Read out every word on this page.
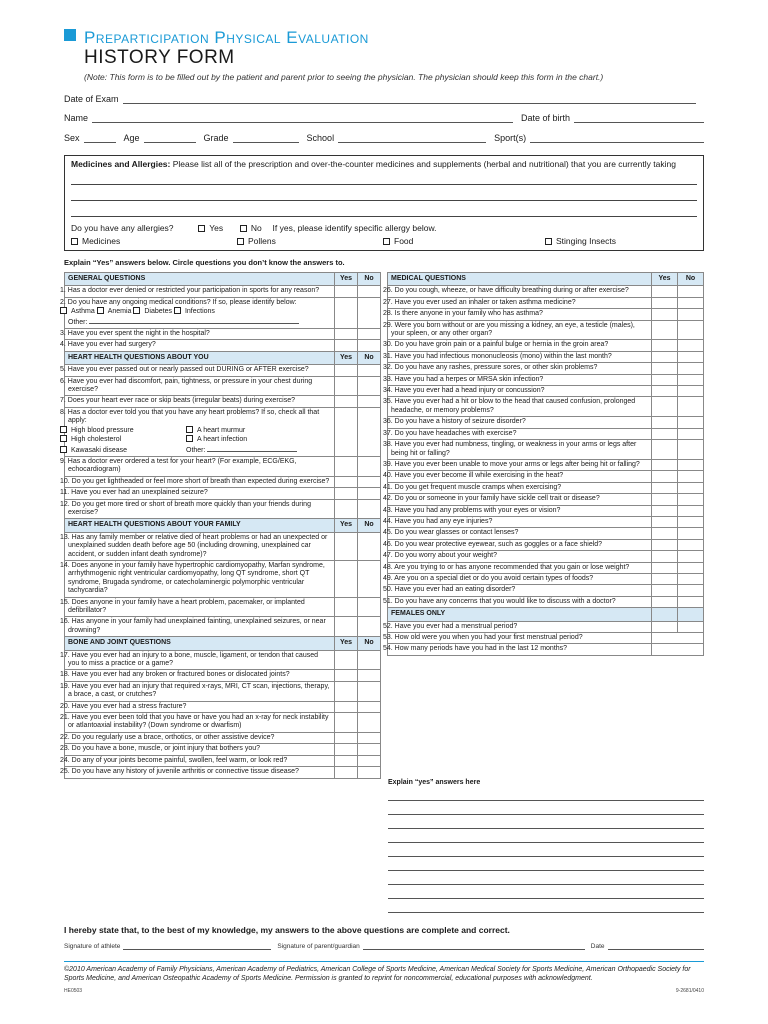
Preparticipation Physical Evaluation
HISTORY FORM
(Note: This form is to be filled out by the patient and parent prior to seeing the physician. The physician should keep this form in the chart.)
Date of Exam
Name	Date of birth
Sex	Age	Grade	School	Sport(s)
Medicines and Allergies: Please list all of the prescription and over-the-counter medicines and supplements (herbal and nutritional) that you are currently taking
Do you have any allergies?	Yes	No If yes, please identify specific allergy below.
Medicines	Pollens	Food	Stinging Insects
Explain “Yes” answers below. Circle questions you don’t know the answers to.
GENERAL QUESTIONS	Yes	No
1. Has a doctor ever denied or restricted your participation in sports for any reason?		
2. Do you have any ongoing medical conditions? If so, please identify below: Asthma Anemia Diabetes Infections
Other:		
3. Have you ever spent the night in the hospital?		
4. Have you ever had surgery?		
HEART HEALTH QUESTIONS ABOUT YOU	Yes	No
5. Have you ever passed out or nearly passed out DURING or AFTER exercise?		
6. Have you ever had discomfort, pain, tightness, or pressure in your chest during exercise?		
7. Does your heart ever race or skip beats (irregular beats) during exercise?		
8. Has a doctor ever told you that you have any heart problems? If so, check all that apply:
High blood pressure A heart murmur
High cholesterol A heart infection
Kawasaki disease Other:		
9. Has a doctor ever ordered a test for your heart? (For example, ECG/EKG, echocardiogram)		
10. Do you get lightheaded or feel more short of breath than expected during exercise?		
11. Have you ever had an unexplained seizure?		
12. Do you get more tired or short of breath more quickly than your friends during exercise?		
HEART HEALTH QUESTIONS ABOUT YOUR FAMILY	Yes	No
13. Has any family member or relative died of heart problems or had an unexpected or unexplained sudden death before age 50 (including drowning, unexplained car accident, or sudden infant death syndrome)?		
14. Does anyone in your family have hypertrophic cardiomyopathy, Marfan syndrome, arrhythmogenic right ventricular cardiomyopathy, long QT syndrome, short QT syndrome, Brugada syndrome, or catecholaminergic polymorphic ventricular tachycardia?		
15. Does anyone in your family have a heart problem, pacemaker, or implanted defibrillator?		
16. Has anyone in your family had unexplained fainting, unexplained seizures, or near drowning?		
BONE AND JOINT QUESTIONS	Yes	No
17. Have you ever had an injury to a bone, muscle, ligament, or tendon that caused you to miss a practice or a game?		
18. Have you ever had any broken or fractured bones or dislocated joints?		
19. Have you ever had an injury that required x-rays, MRI, CT scan, injections, therapy, a brace, a cast, or crutches?		
20. Have you ever had a stress fracture?		
21. Have you ever been told that you have or have you had an x-ray for neck instability or atlantoaxial instability? (Down syndrome or dwarfism)		
22. Do you regularly use a brace, orthotics, or other assistive device?		
23. Do you have a bone, muscle, or joint injury that bothers you?		
24. Do any of your joints become painful, swollen, feel warm, or look red?		
25. Do you have any history of juvenile arthritis or connective tissue disease?		
MEDICAL QUESTIONS	Yes	No
26. Do you cough, wheeze, or have difficulty breathing during or after exercise?		
27. Have you ever used an inhaler or taken asthma medicine?		
28. Is there anyone in your family who has asthma?		
29. Were you born without or are you missing a kidney, an eye, a testicle (males), your spleen, or any other organ?		
30. Do you have groin pain or a painful bulge or hernia in the groin area?		
31. Have you had infectious mononucleosis (mono) within the last month?		
32. Do you have any rashes, pressure sores, or other skin problems?		
33. Have you had a herpes or MRSA skin infection?		
34. Have you ever had a head injury or concussion?		
35. Have you ever had a hit or blow to the head that caused confusion, prolonged headache, or memory problems?		
36. Do you have a history of seizure disorder?		
37. Do you have headaches with exercise?		
38. Have you ever had numbness, tingling, or weakness in your arms or legs after being hit or falling?		
39. Have you ever been unable to move your arms or legs after being hit or falling?		
40. Have you ever become ill while exercising in the heat?		
41. Do you get frequent muscle cramps when exercising?		
42. Do you or someone in your family have sickle cell trait or disease?		
43. Have you had any problems with your eyes or vision?		
44. Have you had any eye injuries?		
45. Do you wear glasses or contact lenses?		
46. Do you wear protective eyewear, such as goggles or a face shield?		
47. Do you worry about your weight?		
48. Are you trying to or has anyone recommended that you gain or lose weight?		
49. Are you on a special diet or do you avoid certain types of foods?		
50. Have you ever had an eating disorder?		
51. Do you have any concerns that you would like to discuss with a doctor?		
FEMALES ONLY		
52. Have you ever had a menstrual period?		
53. How old were you when you had your first menstrual period?		
54. How many periods have you had in the last 12 months?		
Explain “yes” answers here
I hereby state that, to the best of my knowledge, my answers to the above questions are complete and correct.
Signature of athlete	Signature of parent/guardian	Date
©2010 American Academy of Family Physicians, American Academy of Pediatrics, American College of Sports Medicine, American Medical Society for Sports Medicine, American Orthopaedic Society for Sports Medicine, and American Osteopathic Academy of Sports Medicine. Permission is granted to reprint for noncommercial, educational purposes with acknowledgment.
HE0503	9-2681/0410
